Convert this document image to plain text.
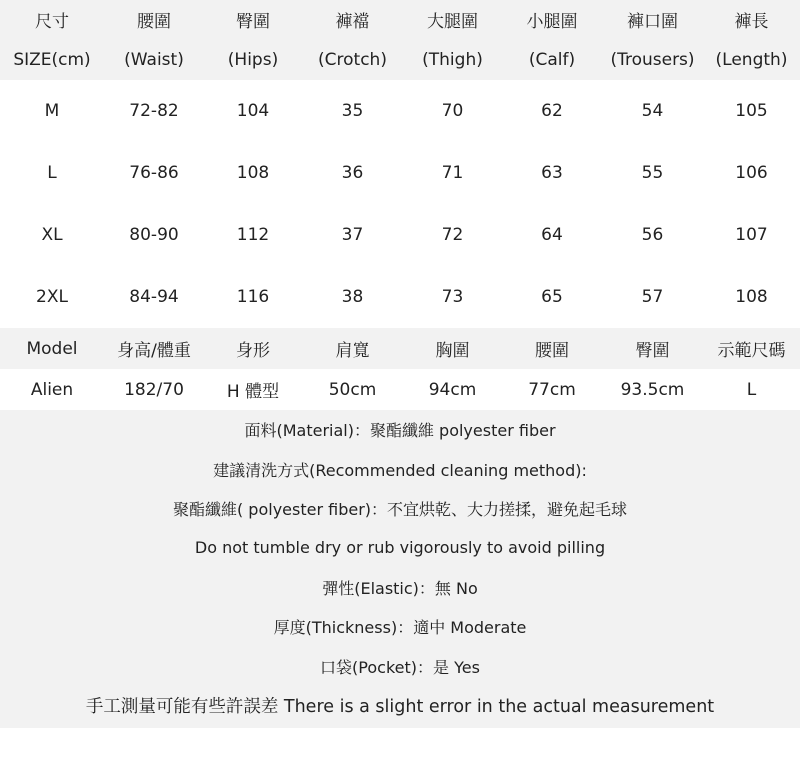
尺寸	腰圍	臀圍	褲襠	大腿圍	小腿圍	褲口圍	褲長
SIZE(cm)	(Waist)	(Hips)	(Crotch)	(Thigh)	(Calf)	(Trousers)	(Length)
M	72-82	104	35	70	62	54	105
L	76-86	108	36	71	63	55	106
XL	80-90	112	37	72	64	56	107
2XL	84-94	116	38	73	65	57	108
Model	身高/體重	身形	肩寬	胸圍	腰圍	臀圍	示範尺碼
Alien	182/70	H 體型	50cm	94cm	77cm	93.5cm	L
面料(Material)：聚酯纖維 polyester fiber
建議清洗方式(Recommended cleaning method):
聚酯纖維( polyester fiber)：不宜烘乾、大力搓揉，避免起毛球
Do not tumble dry or rub vigorously to avoid pilling
彈性(Elastic)：無 No
厚度(Thickness)：適中 Moderate
口袋(Pocket)：是 Yes
手工測量可能有些許誤差 There is a slight error in the actual measurement
